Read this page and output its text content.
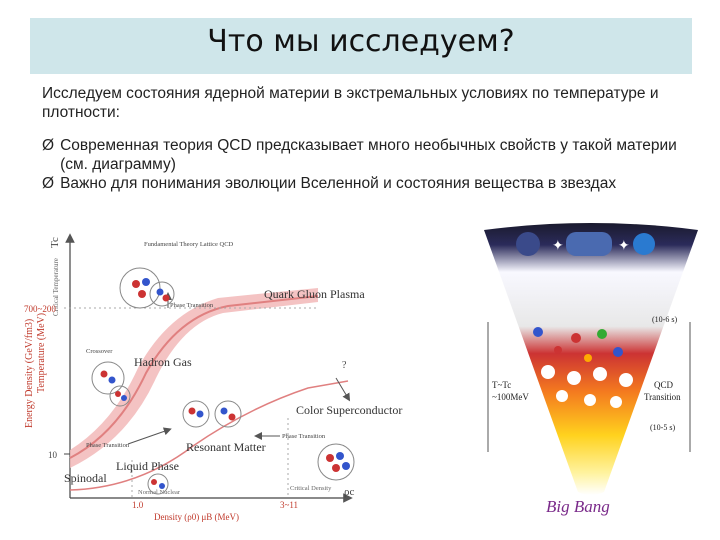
Что мы исследуем?
Исследуем состояния ядерной материи в экстремальных условиях по температуре и плотности:
Ø Современная теория QCD предсказывает много необычных свойств у такой материи (см. диаграмму)
Ø Важно для понимания эволюции Вселенной и состояния вещества в звездах
Energy Density (GeV/fm3) Temperature (MeV)
Critical Temperature
Tc
700~200
10
Normal Nuclear
1.0
Critical Density
3~11
ρc
Density (ρ0) μB (MeV)
Fundamental Theory Lattice QCD
Phase Transition
Quark Gluon Plasma
Crossover
Hadron Gas	?
Color Superconductor
Phase Transition	Resonant Matter
Phase Transition
Liquid Phase
Spinodal
✦	✦
(10-6 s)
T~Tc
~100MeV
QCD
Transition
(10-5 s)
Big Bang
